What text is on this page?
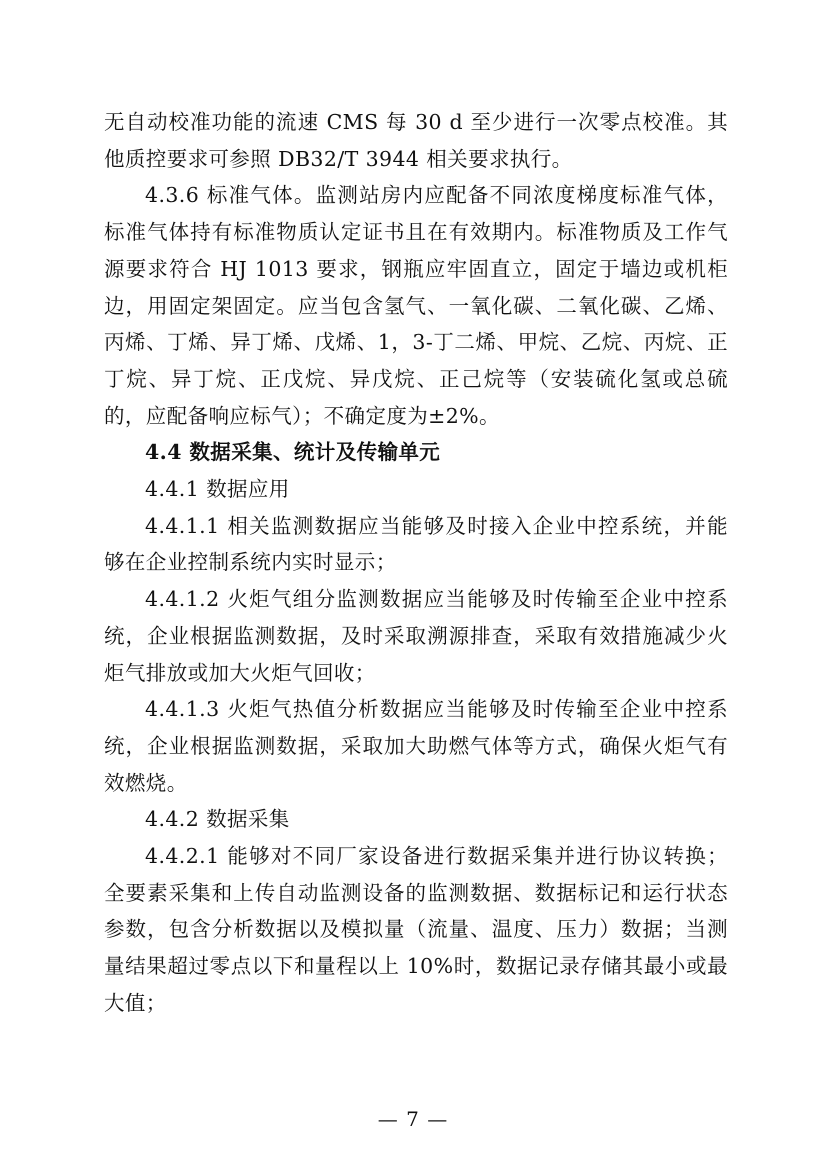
无自动校准功能的流速 CMS 每 30 d 至少进行一次零点校准。其他质控要求可参照 DB32/T 3944 相关要求执行。

4.3.6 标准气体。监测站房内应配备不同浓度梯度标准气体，标准气体持有标准物质认定证书且在有效期内。标准物质及工作气源要求符合 HJ 1013 要求，钢瓶应牢固直立，固定于墙边或机柜边，用固定架固定。应当包含氢气、一氧化碳、二氧化碳、乙烯、丙烯、丁烯、异丁烯、戊烯、1，3-丁二烯、甲烷、乙烷、丙烷、正丁烷、异丁烷、正戊烷、异戊烷、正己烷等（安装硫化氢或总硫的，应配备响应标气）；不确定度为±2%。

4.4 数据采集、统计及传输单元

4.4.1 数据应用

4.4.1.1 相关监测数据应当能够及时接入企业中控系统，并能够在企业控制系统内实时显示；

4.4.1.2 火炬气组分监测数据应当能够及时传输至企业中控系统，企业根据监测数据，及时采取溯源排查，采取有效措施减少火炬气排放或加大火炬气回收；

4.4.1.3 火炬气热值分析数据应当能够及时传输至企业中控系统，企业根据监测数据，采取加大助燃气体等方式，确保火炬气有效燃烧。

4.4.2 数据采集

4.4.2.1 能够对不同厂家设备进行数据采集并进行协议转换；全要素采集和上传自动监测设备的监测数据、数据标记和运行状态参数，包含分析数据以及模拟量（流量、温度、压力）数据；当测量结果超过零点以下和量程以上 10%时，数据记录存储其最小或最大值；

— 7 —
